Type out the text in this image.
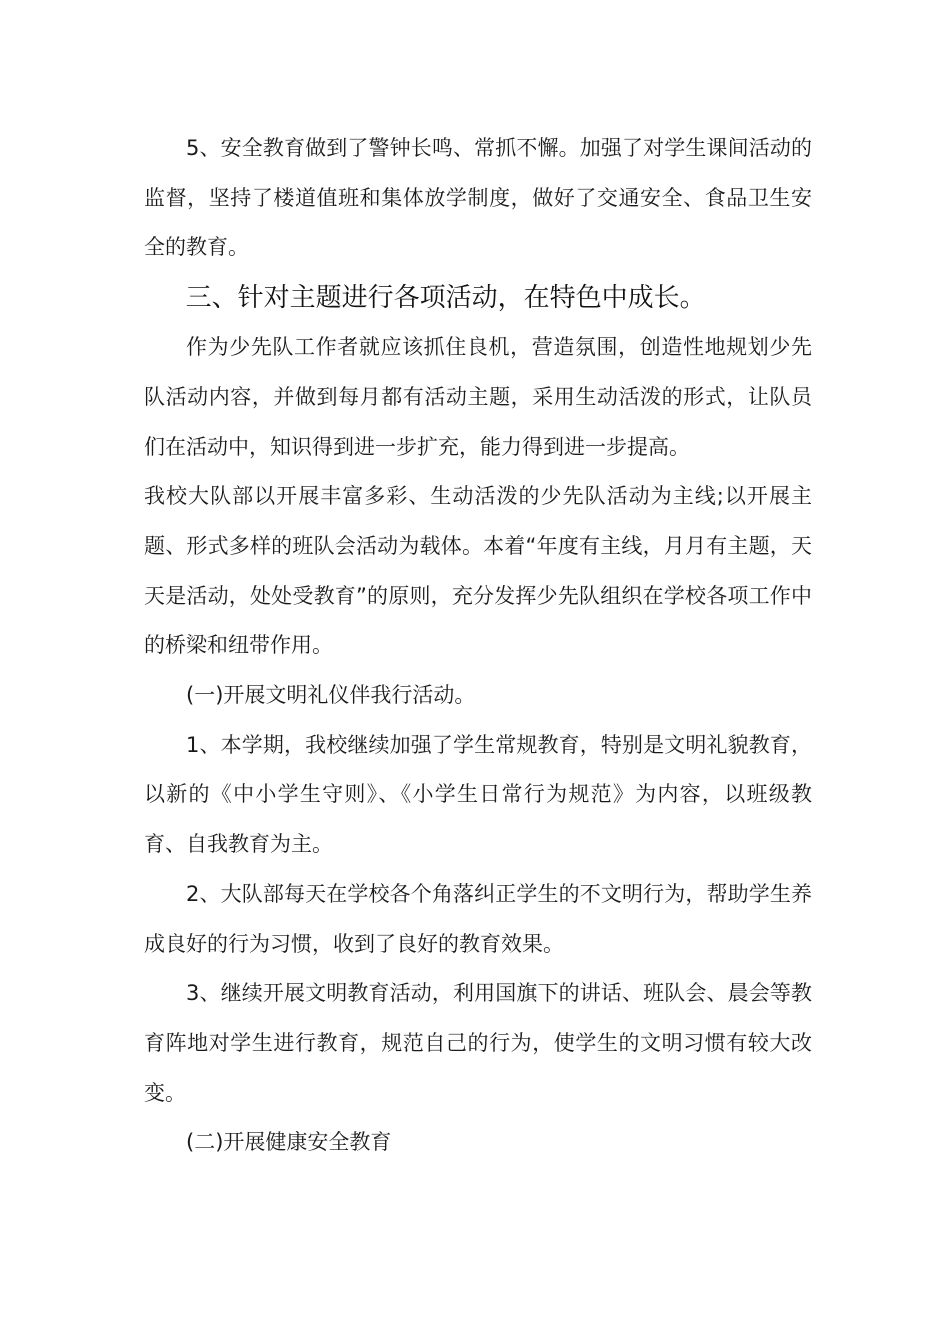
5、安全教育做到了警钟长鸣、常抓不懈。加强了对学生课间活动的监督，坚持了楼道值班和集体放学制度，做好了交通安全、食品卫生安全的教育。

三、针对主题进行各项活动，在特色中成长。

作为少先队工作者就应该抓住良机，营造氛围，创造性地规划少先队活动内容，并做到每月都有活动主题，采用生动活泼的形式，让队员们在活动中，知识得到进一步扩充，能力得到进一步提高。

我校大队部以开展丰富多彩、生动活泼的少先队活动为主线;以开展主题、形式多样的班队会活动为载体。本着“年度有主线，月月有主题，天天是活动，处处受教育”的原则，充分发挥少先队组织在学校各项工作中的桥梁和纽带作用。

(一)开展文明礼仪伴我行活动。

1、本学期，我校继续加强了学生常规教育，特别是文明礼貌教育，以新的《中小学生守则》、《小学生日常行为规范》为内容，以班级教育、自我教育为主。

2、大队部每天在学校各个角落纠正学生的不文明行为，帮助学生养成良好的行为习惯，收到了良好的教育效果。

3、继续开展文明教育活动，利用国旗下的讲话、班队会、晨会等教育阵地对学生进行教育，规范自己的行为，使学生的文明习惯有较大改变。

(二)开展健康安全教育
